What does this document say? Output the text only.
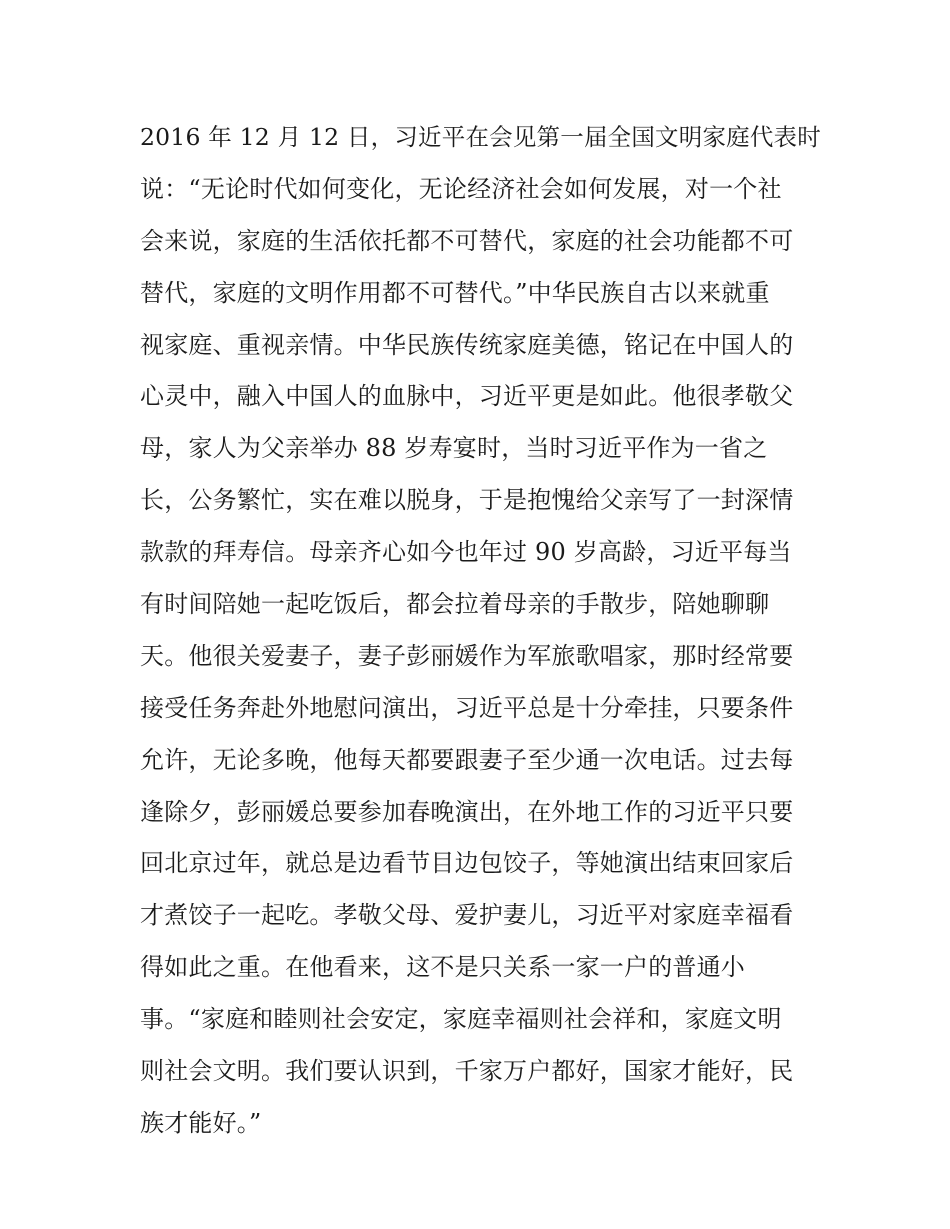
2016 年 12 月 12 日，习近平在会见第一届全国文明家庭代表时
说：“无论时代如何变化，无论经济社会如何发展，对一个社
会来说，家庭的生活依托都不可替代，家庭的社会功能都不可
替代，家庭的文明作用都不可替代。”中华民族自古以来就重
视家庭、重视亲情。中华民族传统家庭美德，铭记在中国人的
心灵中，融入中国人的血脉中，习近平更是如此。他很孝敬父
母，家人为父亲举办 88 岁寿宴时，当时习近平作为一省之
长，公务繁忙，实在难以脱身，于是抱愧给父亲写了一封深情
款款的拜寿信。母亲齐心如今也年过 90 岁高龄，习近平每当
有时间陪她一起吃饭后，都会拉着母亲的手散步，陪她聊聊
天。他很关爱妻子，妻子彭丽媛作为军旅歌唱家，那时经常要
接受任务奔赴外地慰问演出，习近平总是十分牵挂，只要条件
允许，无论多晚，他每天都要跟妻子至少通一次电话。过去每
逢除夕，彭丽媛总要参加春晚演出，在外地工作的习近平只要
回北京过年，就总是边看节目边包饺子，等她演出结束回家后
才煮饺子一起吃。孝敬父母、爱护妻儿，习近平对家庭幸福看
得如此之重。在他看来，这不是只关系一家一户的普通小
事。“家庭和睦则社会安定，家庭幸福则社会祥和，家庭文明
则社会文明。我们要认识到，千家万户都好，国家才能好，民
族才能好。”
